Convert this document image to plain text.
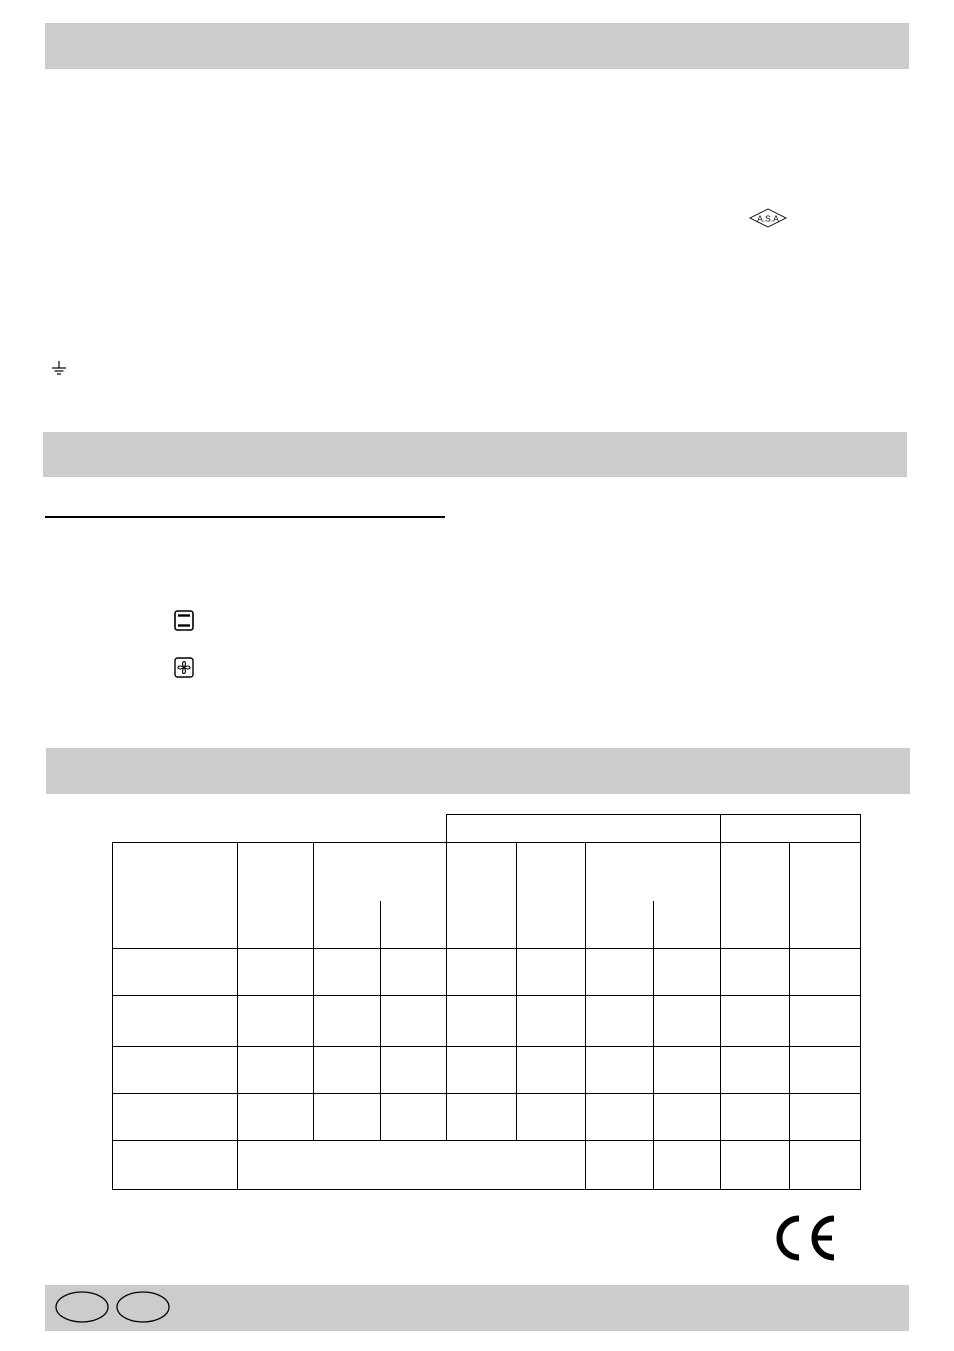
A.S.A
